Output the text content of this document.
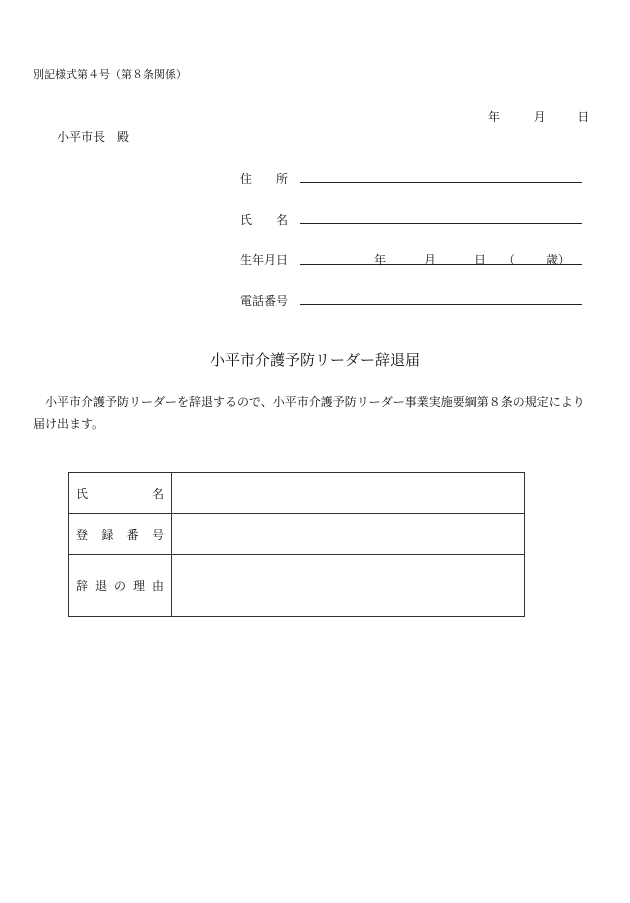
別記様式第４号（第８条関係）
年	月	日
小平市長　殿
住　　所
氏　　名
生年月日	年	月	日 （	歳）
電話番号
小平市介護予防リーダー辞退届
　小平市介護予防リーダーを辞退するので、小平市介護予防リーダー事業実施要綱第８条の規定により届け出ます。
氏名	
登録番号	
辞退の理由	
